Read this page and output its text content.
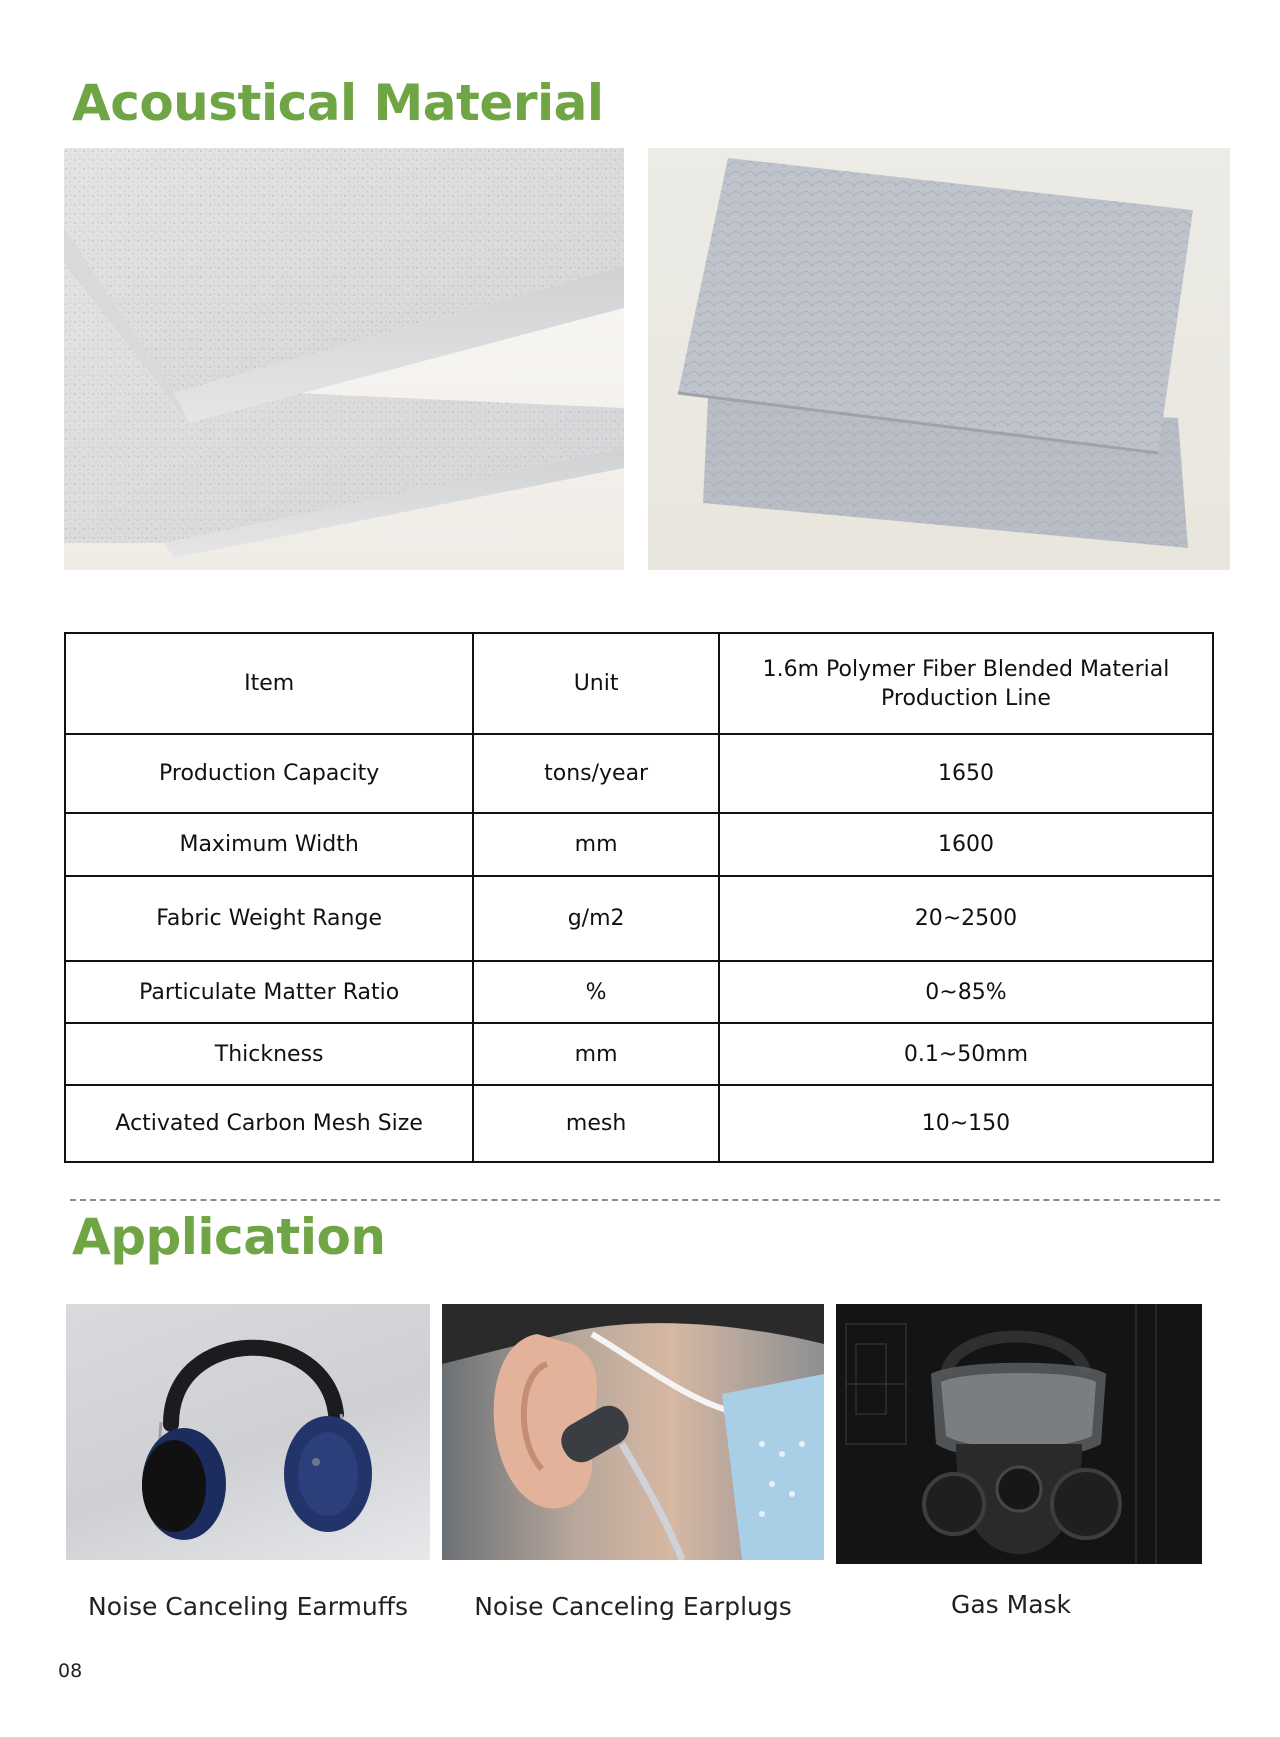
Acoustical Material
Item	Unit	1.6m Polymer Fiber Blended Material
Production Line

Production Capacity	tons/year	1650
Maximum Width	mm	1600
Fabric Weight Range	g/m2	20~2500
Particulate Matter Ratio	%	0~85%
Thickness	mm	0.1~50mm
Activated Carbon Mesh Size	mesh	10~150
Application

Noise Canceling Earmuffs	Noise Canceling Earplugs	Gas Mask

08
